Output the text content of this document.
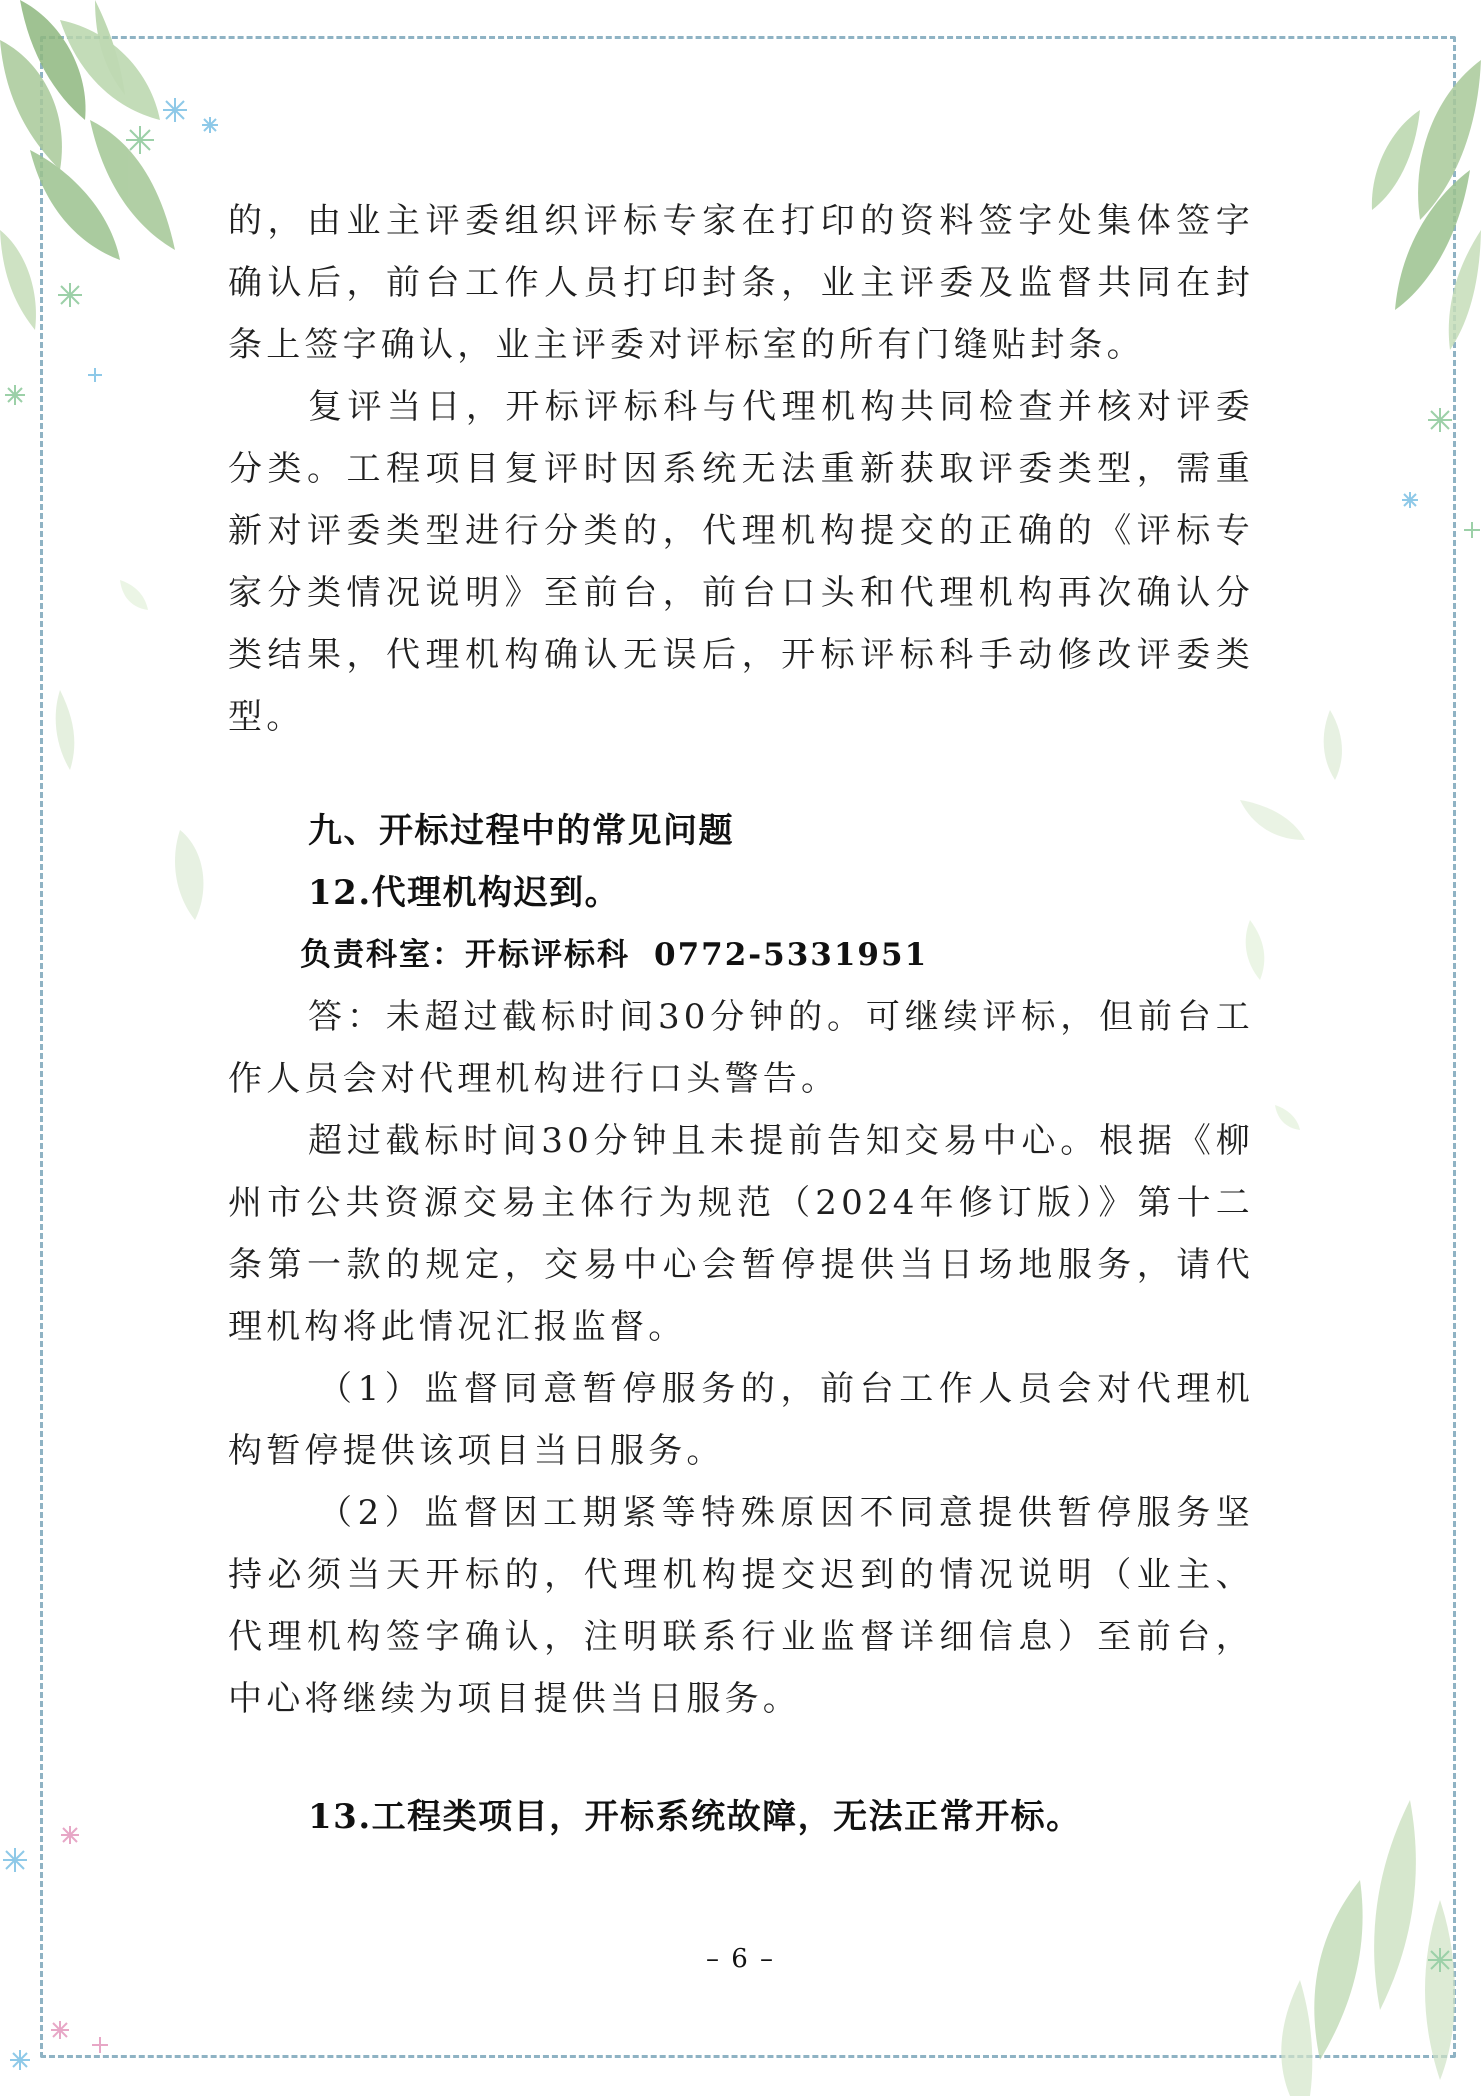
的，由业主评委组织评标专家在打印的资料签字处集体签字确认后，前台工作人员打印封条，业主评委及监督共同在封条上签字确认，业主评委对评标室的所有门缝贴封条。

复评当日，开标评标科与代理机构共同检查并核对评委分类。工程项目复评时因系统无法重新获取评委类型，需重新对评委类型进行分类的，代理机构提交的正确的《评标专家分类情况说明》至前台，前台口头和代理机构再次确认分类结果，代理机构确认无误后，开标评标科手动修改评委类型。

九、开标过程中的常见问题

12.代理机构迟到。

负责科室：开标评标科 0772-5331951

答：未超过截标时间30分钟的。可继续评标，但前台工作人员会对代理机构进行口头警告。

超过截标时间30分钟且未提前告知交易中心。根据《柳州市公共资源交易主体行为规范（2024年修订版）》第十二条第一款的规定，交易中心会暂停提供当日场地服务，请代理机构将此情况汇报监督。

（1）监督同意暂停服务的，前台工作人员会对代理机构暂停提供该项目当日服务。

（2）监督因工期紧等特殊原因不同意提供暂停服务坚持必须当天开标的，代理机构提交迟到的情况说明（业主、代理机构签字确认，注明联系行业监督详细信息）至前台，中心将继续为项目提供当日服务。

13.工程类项目，开标系统故障，无法正常开标。

– 6 –
